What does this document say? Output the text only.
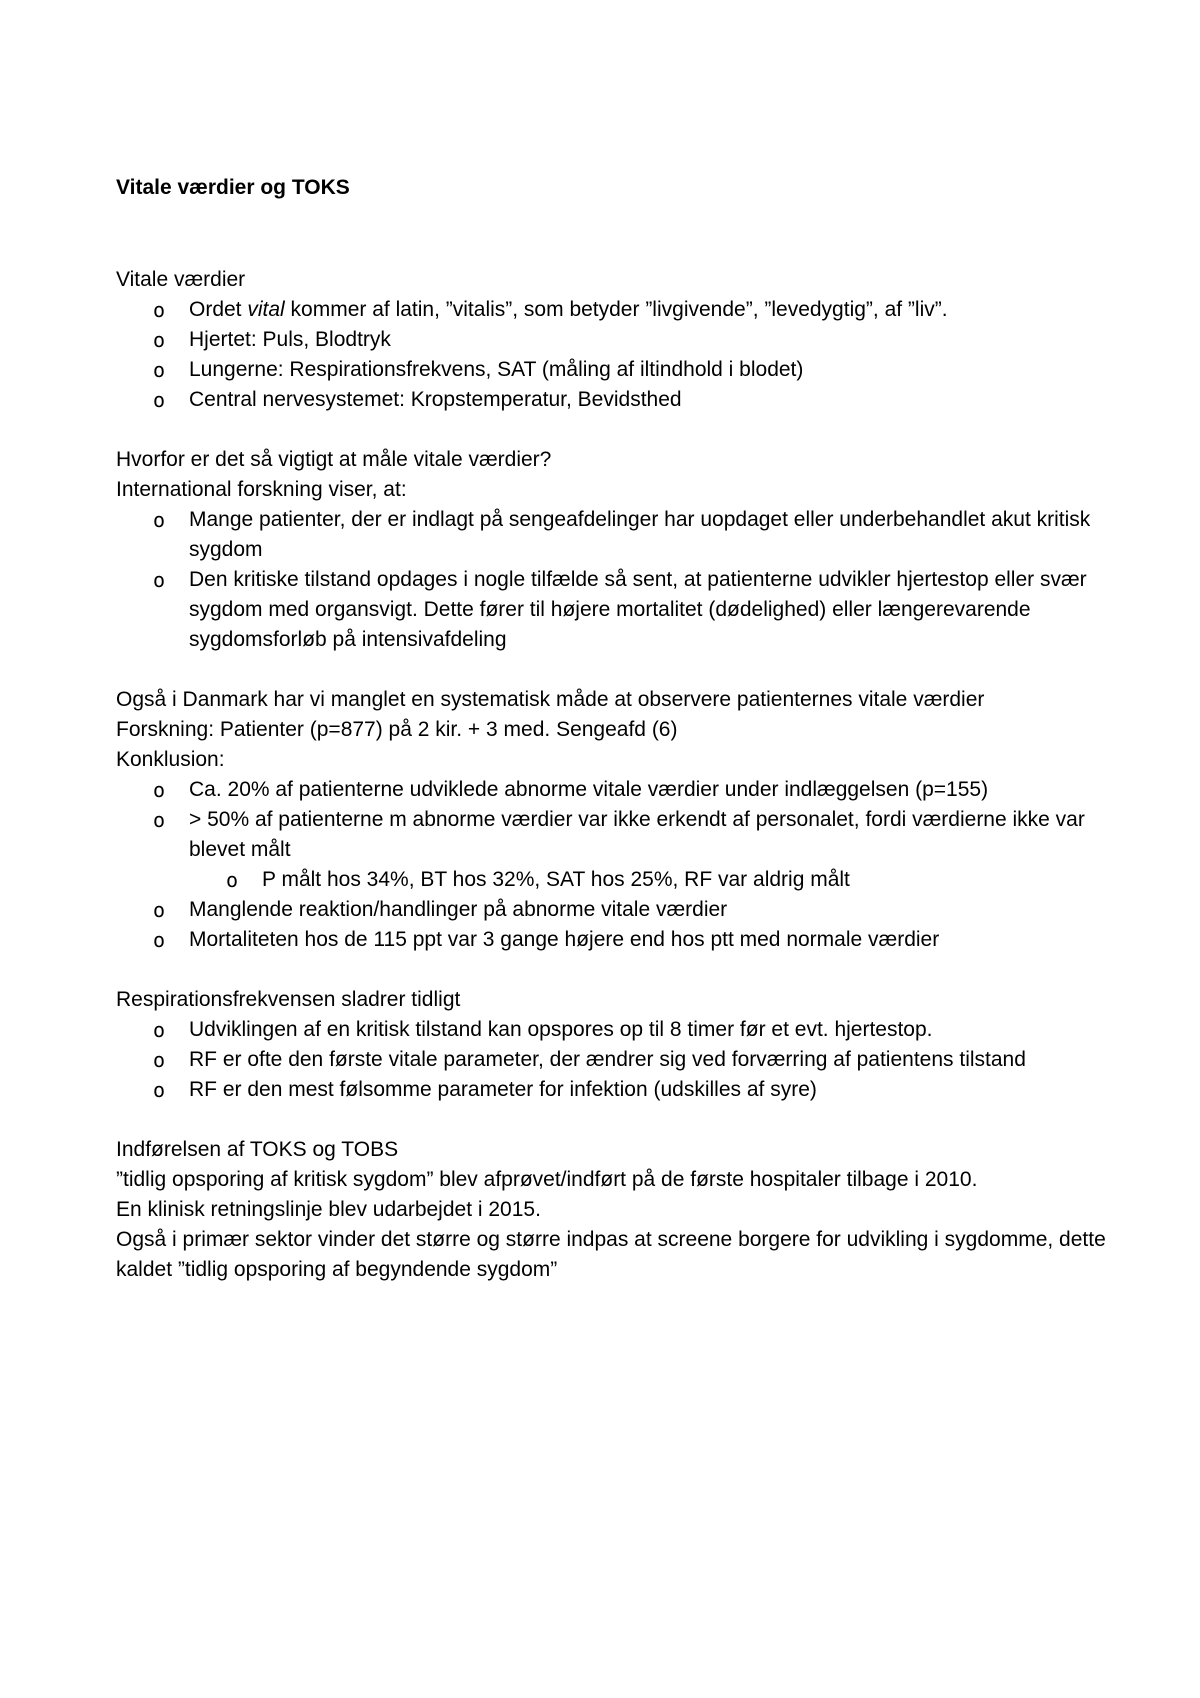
Vitale værdier og TOKS

Vitale værdier

o Ordet vital kommer af latin, ”vitalis”, som betyder ”livgivende”, ”levedygtig”, af ”liv”.
o Hjertet: Puls, Blodtryk
o Lungerne: Respirationsfrekvens, SAT (måling af iltindhold i blodet)
o Central nervesystemet: Kropstemperatur, Bevidsthed

Hvorfor er det så vigtigt at måle vitale værdier?

International forskning viser, at:

o Mange patienter, der er indlagt på sengeafdelinger har uopdaget eller underbehandlet akut kritisk sygdom
o Den kritiske tilstand opdages i nogle tilfælde så sent, at patienterne udvikler hjertestop eller svær sygdom med organsvigt. Dette fører til højere mortalitet (dødelighed) eller længerevarende sygdomsforløb på intensivafdeling

Også i Danmark har vi manglet en systematisk måde at observere patienternes vitale værdier

Forskning: Patienter (p=877) på 2 kir. + 3 med. Sengeafd (6)

Konklusion:

o Ca. 20% af patienterne udviklede abnorme vitale værdier under indlæggelsen (p=155)
o > 50% af patienterne m abnorme værdier var ikke erkendt af personalet, fordi værdierne ikke var blevet målt
o P målt hos 34%, BT hos 32%, SAT hos 25%, RF var aldrig målt
o Manglende reaktion/handlinger på abnorme vitale værdier
o Mortaliteten hos de 115 ppt var 3 gange højere end hos ptt med normale værdier

Respirationsfrekvensen sladrer tidligt

o Udviklingen af en kritisk tilstand kan opspores op til 8 timer før et evt. hjertestop.
o RF er ofte den første vitale parameter, der ændrer sig ved forværring af patientens tilstand
o RF er den mest følsomme parameter for infektion (udskilles af syre)

Indførelsen af TOKS og TOBS

”tidlig opsporing af kritisk sygdom” blev afprøvet/indført på de første hospitaler tilbage i 2010.

En klinisk retningslinje blev udarbejdet i 2015.

Også i primær sektor vinder det større og større indpas at screene borgere for udvikling i sygdomme, dette kaldet ”tidlig opsporing af begyndende sygdom”
